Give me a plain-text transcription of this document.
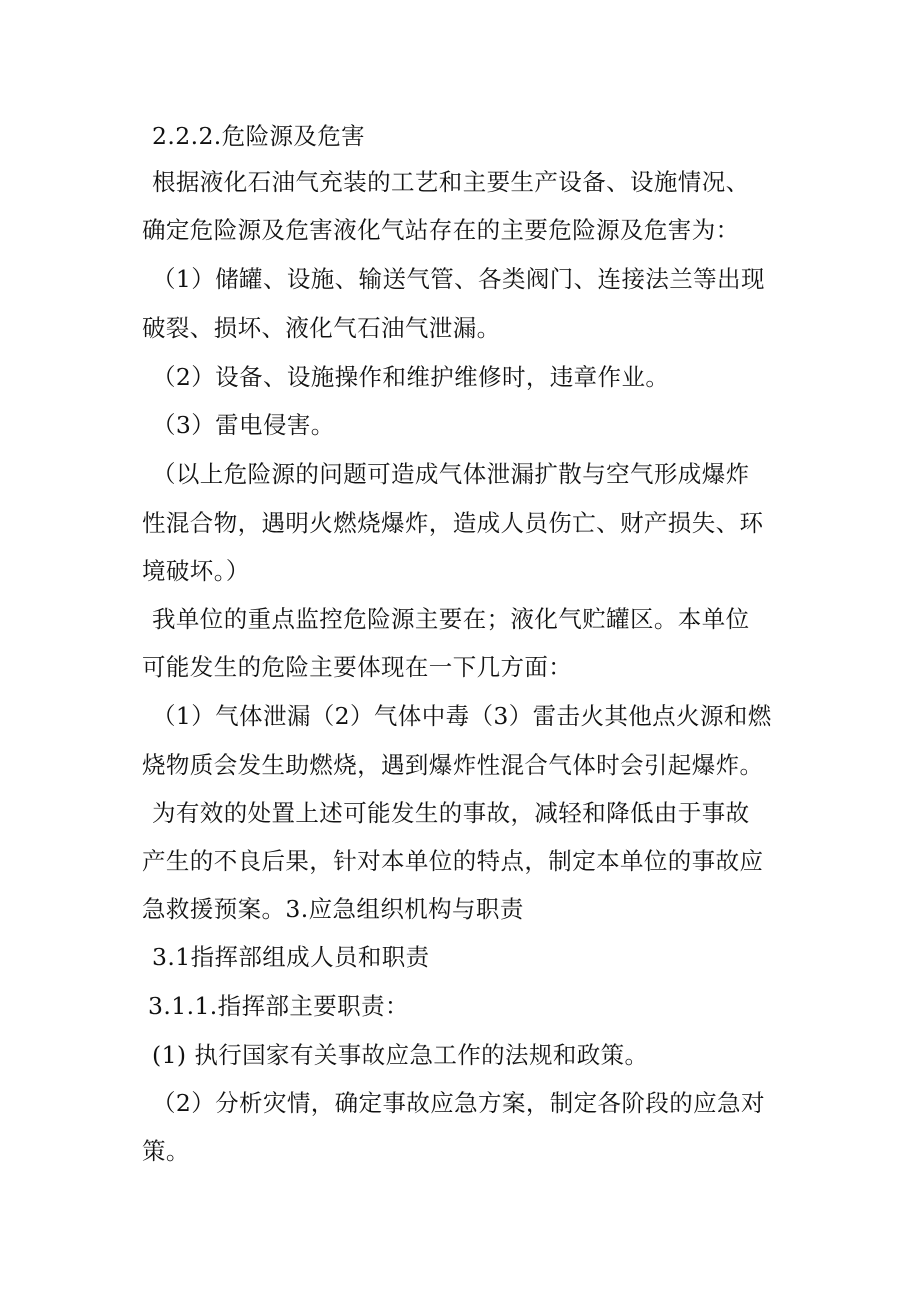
2.2.2.危险源及危害
根据液化石油气充装的工艺和主要生产设备、设施情况、
确定危险源及危害液化气站存在的主要危险源及危害为：
（1）储罐、设施、输送气管、各类阀门、连接法兰等出现
破裂、损坏、液化气石油气泄漏。
（2）设备、设施操作和维护维修时，违章作业。
（3）雷电侵害。
（以上危险源的问题可造成气体泄漏扩散与空气形成爆炸
性混合物，遇明火燃烧爆炸，造成人员伤亡、财产损失、环
境破坏。）
我单位的重点监控危险源主要在；液化气贮罐区。本单位
可能发生的危险主要体现在一下几方面：
（1）气体泄漏（2）气体中毒（3）雷击火其他点火源和燃
烧物质会发生助燃烧，遇到爆炸性混合气体时会引起爆炸。
为有效的处置上述可能发生的事故，减轻和降低由于事故
产生的不良后果，针对本单位的特点，制定本单位的事故应
急救援预案。3.应急组织机构与职责
3.1指挥部组成人员和职责
3.1.1.指挥部主要职责：
(1) 执行国家有关事故应急工作的法规和政策。
（2）分析灾情，确定事故应急方案，制定各阶段的应急对
策。
